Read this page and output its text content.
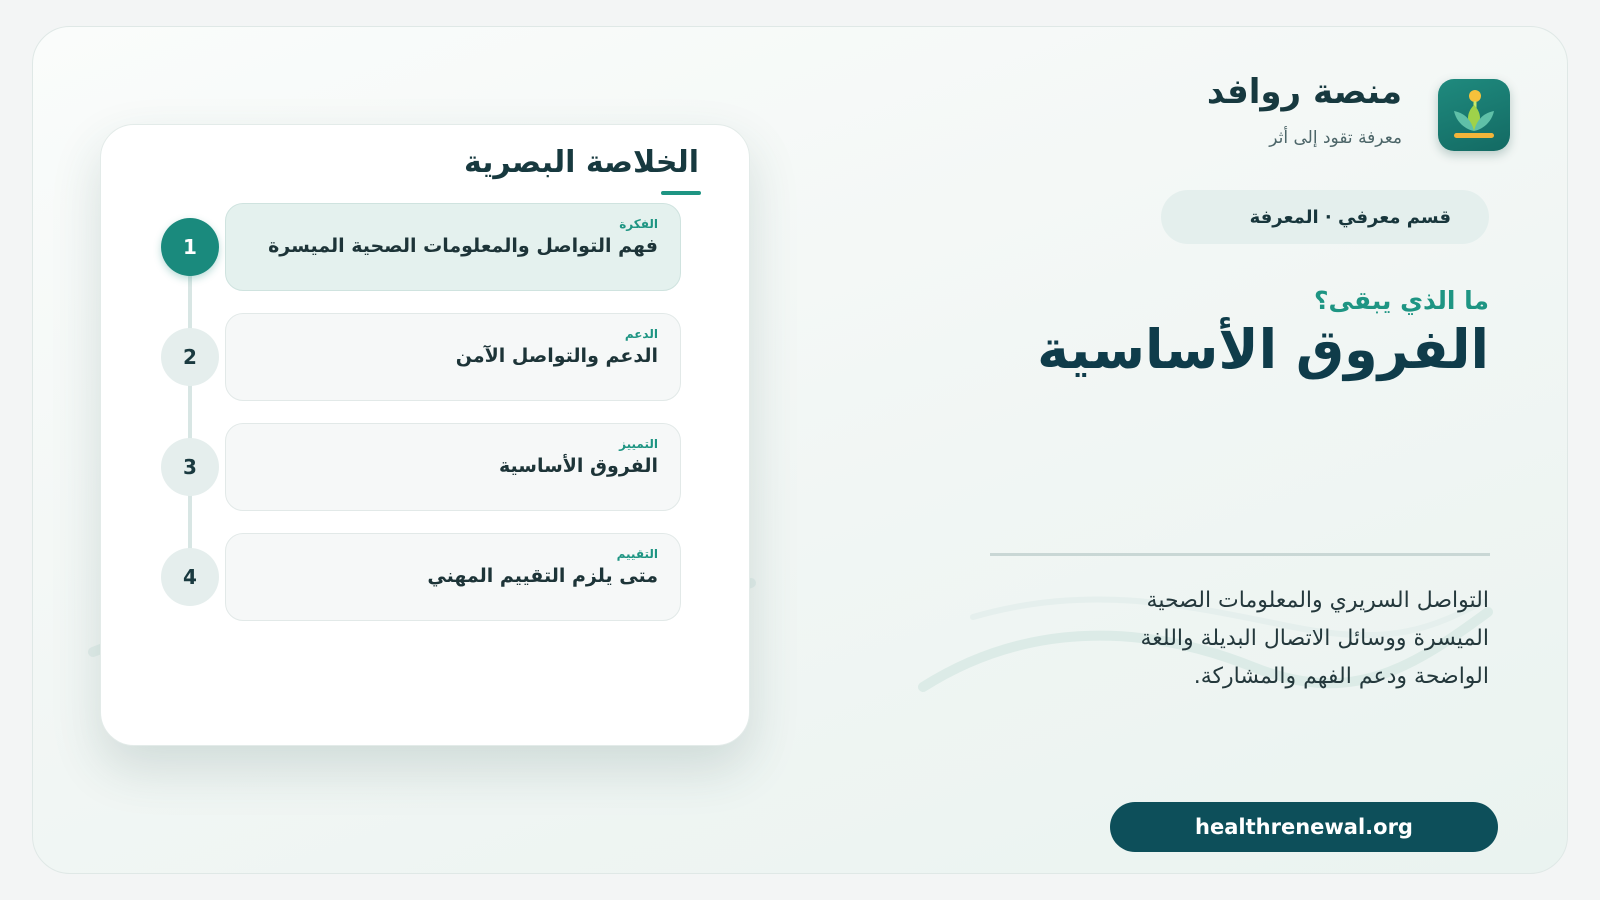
منصة روافد
معرفة تقود إلى أثر
قسم معرفي · المعرفة
ما الذي يبقى؟
الفروق الأساسية
التواصل السريري والمعلومات الصحية الميسرة ووسائل الاتصال البديلة واللغة الواضحة ودعم الفهم والمشاركة.
healthrenewal.org
الخلاصة البصرية
1
الفكرة
فهم التواصل والمعلومات الصحية الميسرة
2
الدعم
الدعم والتواصل الآمن
3
التمييز
الفروق الأساسية
4
التقييم
متى يلزم التقييم المهني
